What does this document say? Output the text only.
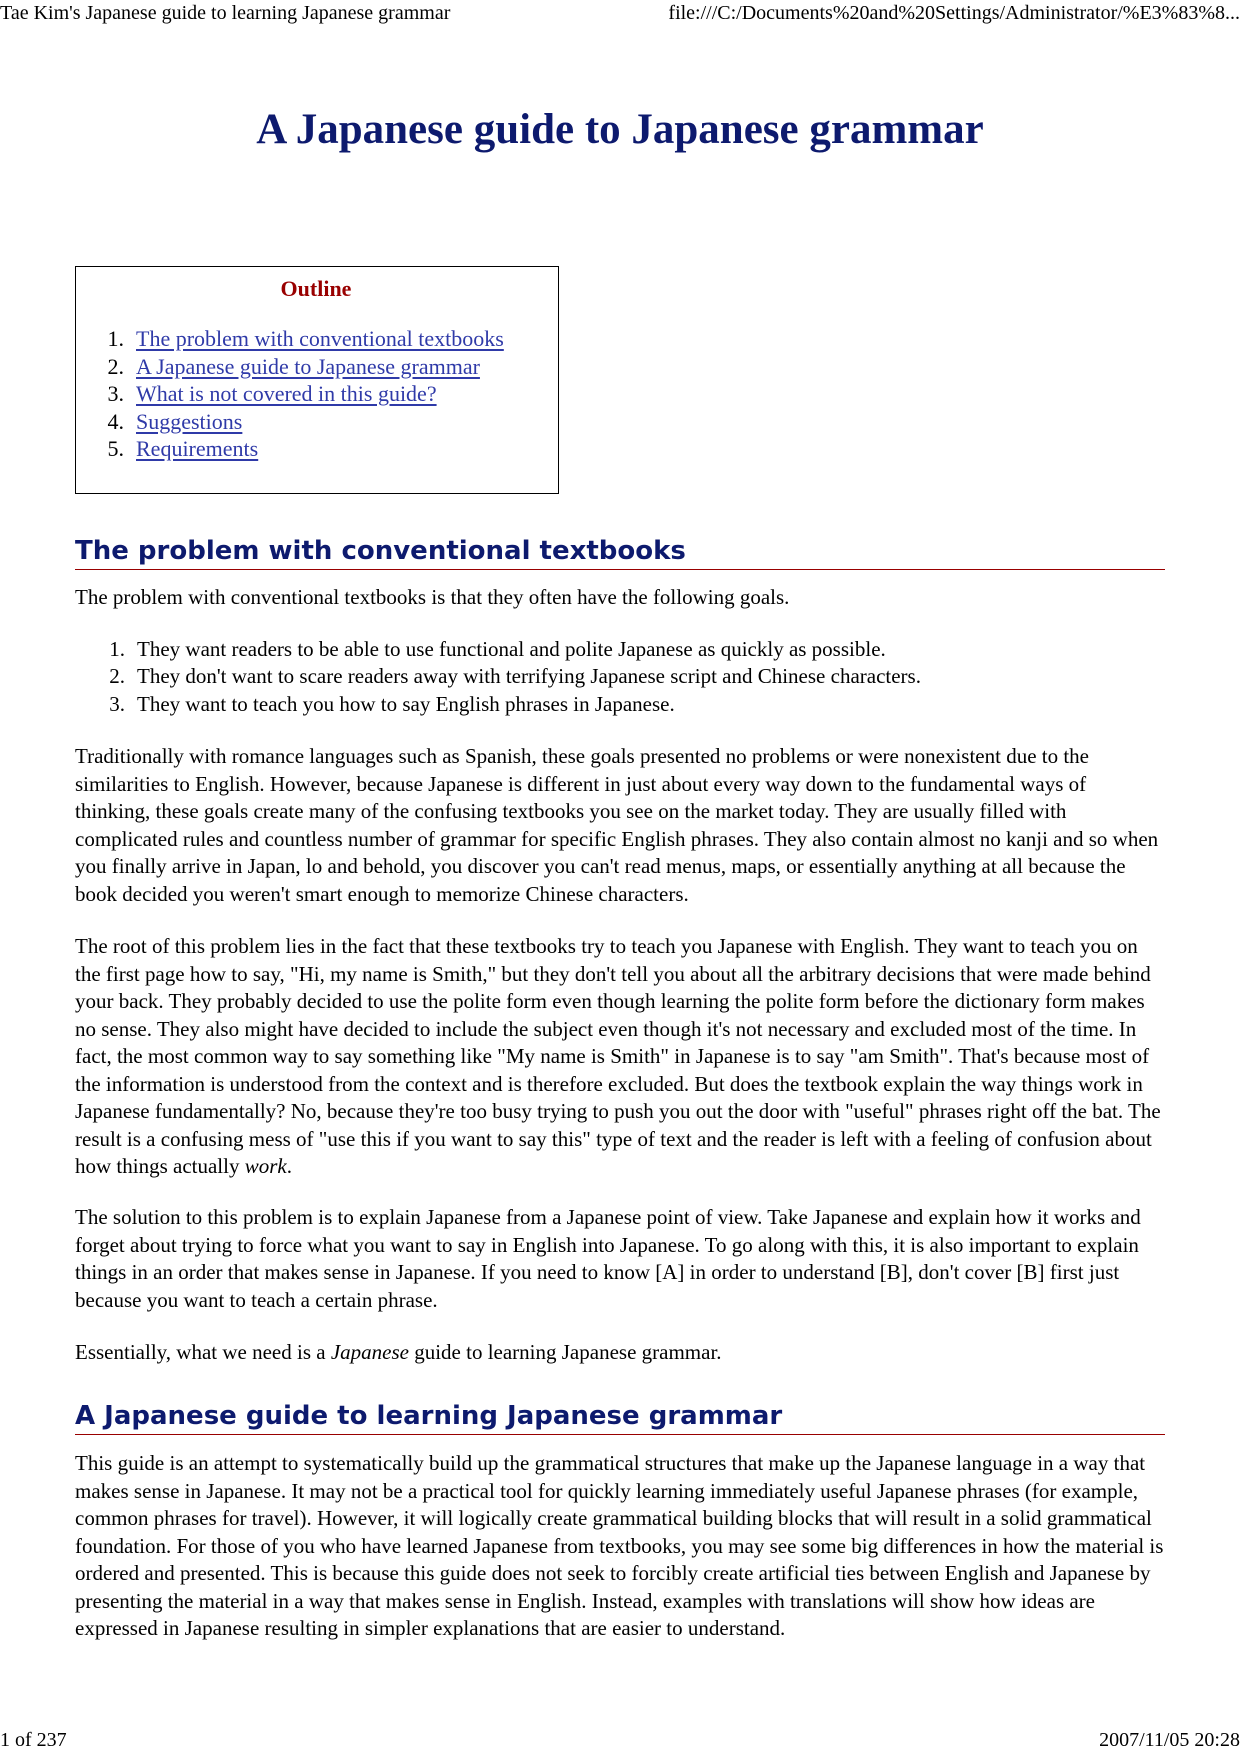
Tae Kim's Japanese guide to learning Japanese grammar	file:///C:/Documents%20and%20Settings/Administrator/%E3%83%8...
A Japanese guide to Japanese grammar
Outline
1. The problem with conventional textbooks
2. A Japanese guide to Japanese grammar
3. What is not covered in this guide?
4. Suggestions
5. Requirements
The problem with conventional textbooks

The problem with conventional textbooks is that they often have the following goals.

1. They want readers to be able to use functional and polite Japanese as quickly as possible.
2. They don't want to scare readers away with terrifying Japanese script and Chinese characters.
3. They want to teach you how to say English phrases in Japanese.

Traditionally with romance languages such as Spanish, these goals presented no problems or were nonexistent due to the similarities to English. However, because Japanese is different in just about every way down to the fundamental ways of thinking, these goals create many of the confusing textbooks you see on the market today. They are usually filled with complicated rules and countless number of grammar for specific English phrases. They also contain almost no kanji and so when you finally arrive in Japan, lo and behold, you discover you can't read menus, maps, or essentially anything at all because the book decided you weren't smart enough to memorize Chinese characters.

The root of this problem lies in the fact that these textbooks try to teach you Japanese with English. They want to teach you on the first page how to say, "Hi, my name is Smith," but they don't tell you about all the arbitrary decisions that were made behind your back. They probably decided to use the polite form even though learning the polite form before the dictionary form makes no sense. They also might have decided to include the subject even though it's not necessary and excluded most of the time. In fact, the most common way to say something like "My name is Smith" in Japanese is to say "am Smith". That's because most of the information is understood from the context and is therefore excluded. But does the textbook explain the way things work in Japanese fundamentally? No, because they're too busy trying to push you out the door with "useful" phrases right off the bat. The result is a confusing mess of "use this if you want to say this" type of text and the reader is left with a feeling of confusion about how things actually work.

The solution to this problem is to explain Japanese from a Japanese point of view. Take Japanese and explain how it works and forget about trying to force what you want to say in English into Japanese. To go along with this, it is also important to explain things in an order that makes sense in Japanese. If you need to know [A] in order to understand [B], don't cover [B] first just because you want to teach a certain phrase.

Essentially, what we need is a Japanese guide to learning Japanese grammar.

A Japanese guide to learning Japanese grammar

This guide is an attempt to systematically build up the grammatical structures that make up the Japanese language in a way that makes sense in Japanese. It may not be a practical tool for quickly learning immediately useful Japanese phrases (for example, common phrases for travel). However, it will logically create grammatical building blocks that will result in a solid grammatical foundation. For those of you who have learned Japanese from textbooks, you may see some big differences in how the material is ordered and presented. This is because this guide does not seek to forcibly create artificial ties between English and Japanese by presenting the material in a way that makes sense in English. Instead, examples with translations will show how ideas are expressed in Japanese resulting in simpler explanations that are easier to understand.

1 of 237	2007/11/05 20:28
